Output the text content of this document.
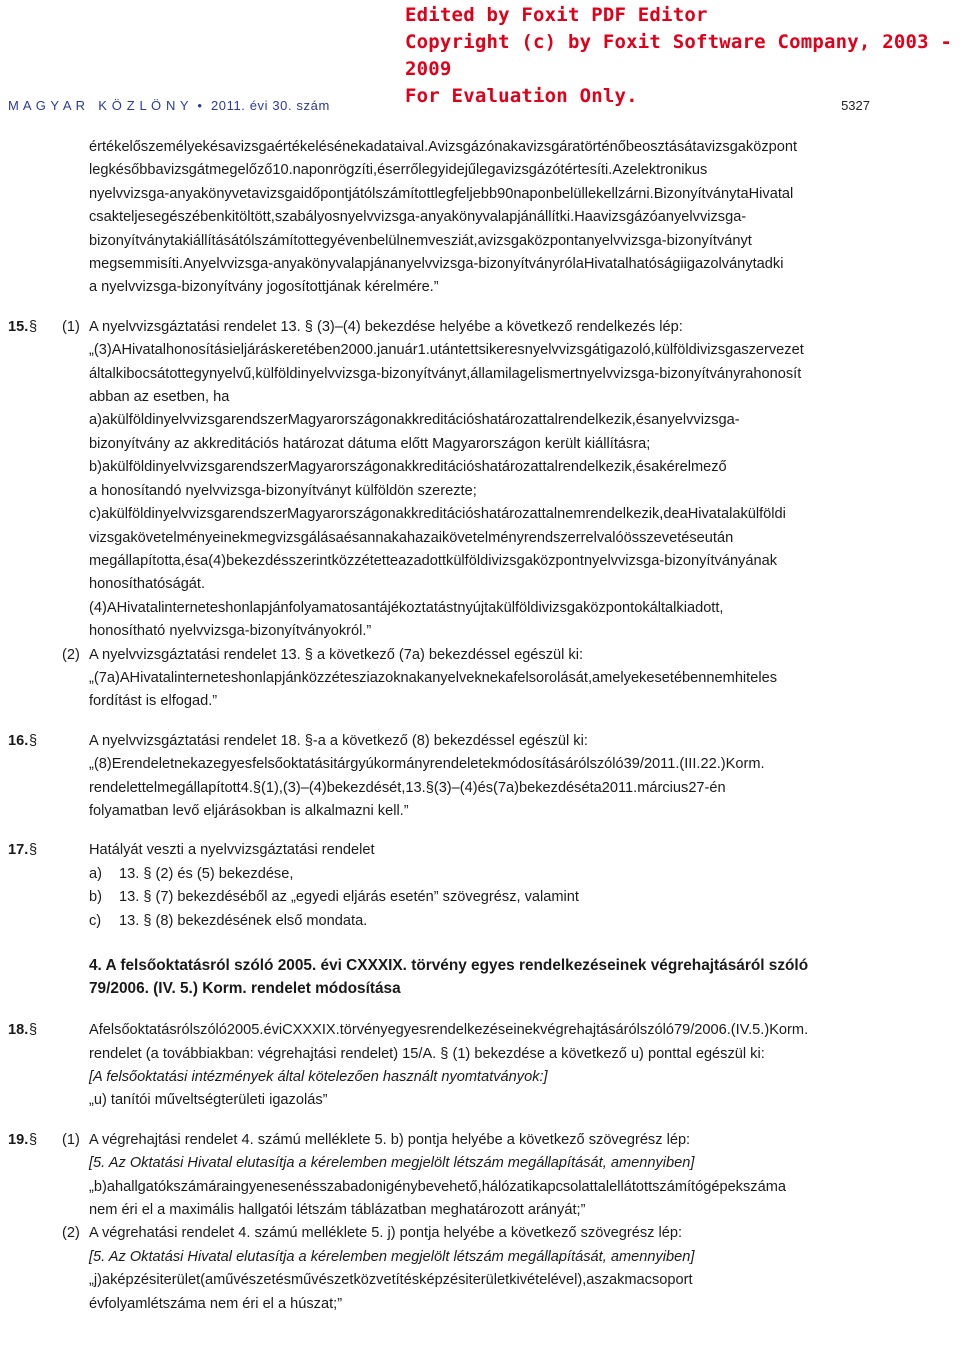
Edited by Foxit PDF Editor
Copyright (c) by Foxit Software Company, 2003 - 2009
For Evaluation Only.
M A G Y A R   K Ö Z L Ö N Y  •  2011. évi 30. szám	5327
értékelőszemélyekésavizsgaértékelésénekadataival.Avizsgázónakavizsgáratörténőbeosztásátavizsgaközpont
legkésőbbavizsgátmegelőző10.naponrögzíti,éserrőlegyidejűlegavizsgázótértesíti.Azelektronikus
nyelvvizsga-anyakönyvetavizsgaidőpontjátólszámítottlegfeljebb90naponbelüllekellzárni.BizonyítványtaHivatal
csakteljesegészébenkitöltött,szabályosnyelvvizsga-anyakönyvalapjánállítki.Haavizsgázóanyelvvizsga-
bizonyítványtakiállításátólszámítottegyévenbelülnemvesziát,avizsgaközpontanyelvvizsga-bizonyítványt
megsemmisíti.Anyelvvizsga-anyakönyvalapjánanyelvvizsga-bizonyítványrólaHivatalhatóságiigazolványtadki
a nyelvvizsga-bizonyítvány jogosítottjának kérelmére.”
15. § (1) A nyelvvizsgáztatási rendelet 13. § (3)–(4) bekezdése helyébe a következő rendelkezés lép:
„(3)AHivatalhonosításieljáráskeretében2000.január1.utántettsikeresnyelvvizsgátigazoló,külföldivizsgaszervezet
általkibocsátottegynyelvű,külföldinyelvvizsga-bizonyítványt,államilagelismertnyelvvizsga-bizonyítványrahonosít
abban az esetben, ha
a)akülföldinyelvvizsgarendszerMagyarországonakkreditációshatározattalrendelkezik,ésanyelvvizsga-
bizonyítvány az akkreditációs határozat dátuma előtt Magyarországon került kiállításra;
b)akülföldinyelvvizsgarendszerMagyarországonakkreditációshatározattalrendelkezik,ésakérelmező
a honosítandó nyelvvizsga-bizonyítványt külföldön szerezte;
c)akülföldinyelvvizsgarendszerMagyarországonakkreditációshatározattalnemrendelkezik,deaHivatalakülföldi
vizsgakövetelményeinekmegvizsgálásaésannakahazaikövetelményrendszerrelvalóösszevetéseután
megállapította,ésa(4)bekezdésszerintközzétetteazadottkülföldivizsgaközpontnyelvvizsga-bizonyítványának
honosíthatóságát.
(4)AHivatalinterneteshonlapjánfolyamatosantájékoztatástnyújtakülföldivizsgaközpontokáltalkiadott,
honosítható nyelvvizsga-bizonyítványokról.”
(2) A nyelvvizsgáztatási rendelet 13. § a következő (7a) bekezdéssel egészül ki:
„(7a)AHivatalinterneteshonlapjánközzétesziazoknakanyelveknekafelsorolását,amelyekesetébennemhiteles
fordítást is elfogad.”
16. §	A nyelvvizsgáztatási rendelet 18. §-a a következő (8) bekezdéssel egészül ki:
„(8)Erendeletnekazegyesfelsőoktatásitárgyúkormányrendeletekmódosításárólszóló39/2011.(III.22.)Korm.
rendelettelmegállapított4.§(1),(3)–(4)bekezdését,13.§(3)–(4)és(7a)bekezdéséta2011.március27-én
folyamatban levő eljárásokban is alkalmazni kell.”
17. §	Hatályát veszti a nyelvvizsgáztatási rendelet
a) 13. § (2) és (5) bekezdése,
b) 13. § (7) bekezdéséből az „egyedi eljárás esetén” szövegrész, valamint
c) 13. § (8) bekezdésének első mondata.
4. A felsőoktatásról szóló 2005. évi CXXXIX. törvény egyes rendelkezéseinek végrehajtásáról szóló
79/2006. (IV. 5.) Korm. rendelet módosítása
18. §	Afelsőoktatásrólszóló2005.éviCXXXIX.törvényegyesrendelkezéseinekvégrehajtásárólszóló79/2006.(IV.5.)Korm.
rendelet (a továbbiakban: végrehajtási rendelet) 15/A. § (1) bekezdése a következő u) ponttal egészül ki:
[A felsőoktatási intézmények által kötelezően használt nyomtatványok:]
„u) tanítói műveltségterületi igazolás”
19. § (1) A végrehajtási rendelet 4. számú melléklete 5. b) pontja helyébe a következő szövegrész lép:
[5. Az Oktatási Hivatal elutasítja a kérelemben megjelölt létszám megállapítását, amennyiben]
„b)ahallgatókszámáraingyenesenésszabadonigénybevehető,hálózatikapcsolattalellátottszámítógépekszáma
nem éri el a maximális hallgatói létszám táblázatban meghatározott arányát;”
(2) A végrehatási rendelet 4. számú melléklete 5. j) pontja helyébe a következő szövegrész lép:
[5. Az Oktatási Hivatal elutasítja a kérelemben megjelölt létszám megállapítását, amennyiben]
„j)aképzésiterület(aművészetésművészetközvetítésképzésiterületkivételével),aszakmacsoport
évfolyamlétszáma nem éri el a húszat;”
